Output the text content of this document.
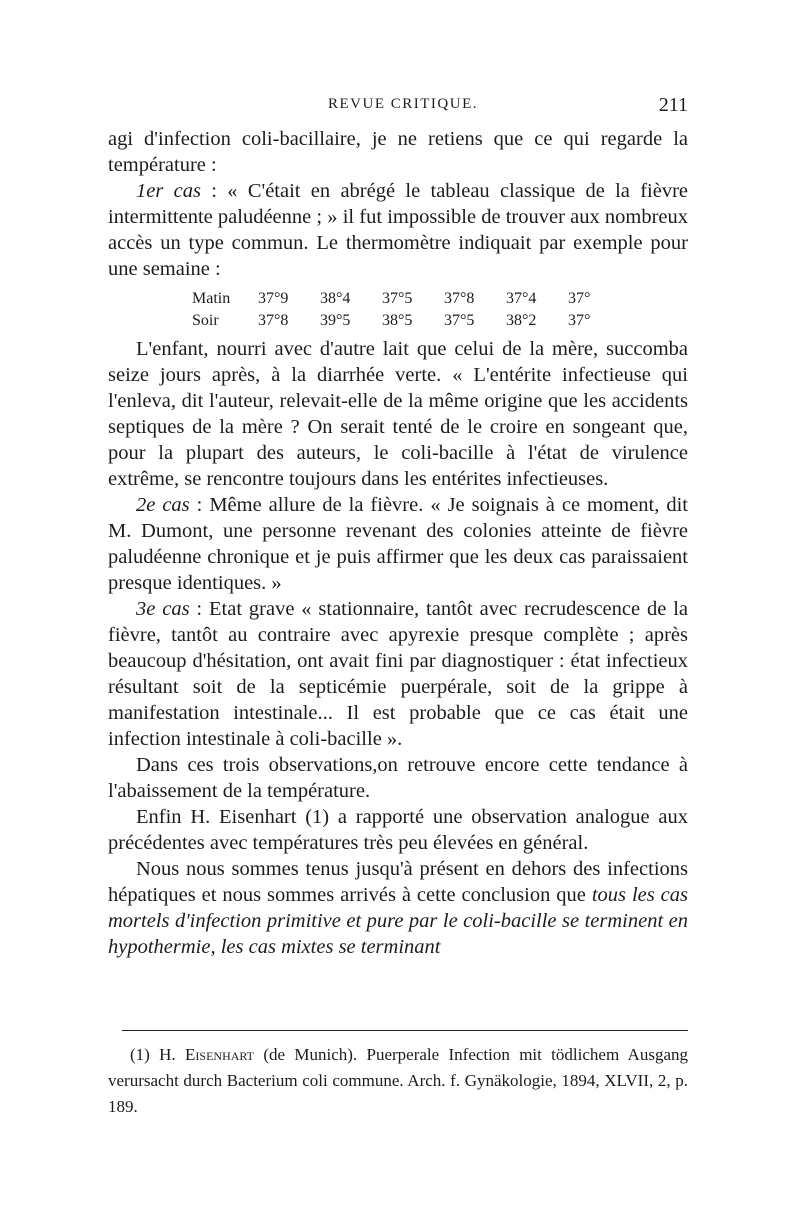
REVUE CRITIQUE.	211

agi d'infection coli-bacillaire, je ne retiens que ce qui regarde la température :

1er cas : « C'était en abrégé le tableau classique de la fièvre intermittente paludéenne ; » il fut impossible de trouver aux nombreux accès un type commun. Le thermomètre indiquait par exemple pour une semaine :

Matin	37°9	38°4	37°5	37°8	37°4	37°
Soir	37°8	39°5	38°5	37°5	38°2	37°

L'enfant, nourri avec d'autre lait que celui de la mère, succomba seize jours après, à la diarrhée verte. « L'entérite infectieuse qui l'enleva, dit l'auteur, relevait-elle de la même origine que les accidents septiques de la mère ? On serait tenté de le croire en songeant que, pour la plupart des auteurs, le coli-bacille à l'état de virulence extrême, se rencontre toujours dans les entérites infectieuses.

2e cas : Même allure de la fièvre. « Je soignais à ce moment, dit M. Dumont, une personne revenant des colonies atteinte de fièvre paludéenne chronique et je puis affirmer que les deux cas paraissaient presque identiques. »

3e cas : Etat grave « stationnaire, tantôt avec recrudescence de la fièvre, tantôt au contraire avec apyrexie presque complète ; après beaucoup d'hésitation, ont avait fini par diagnostiquer : état infectieux résultant soit de la septicémie puerpérale, soit de la grippe à manifestation intestinale... Il est probable que ce cas était une infection intestinale à coli-bacille ».

Dans ces trois observations,on retrouve encore cette tendance à l'abaissement de la température.

Enfin H. Eisenhart (1) a rapporté une observation analogue aux précédentes avec températures très peu élevées en général.

Nous nous sommes tenus jusqu'à présent en dehors des infections hépatiques et nous sommes arrivés à cette conclusion que tous les cas mortels d'infection primitive et pure par le coli-bacille se terminent en hypothermie, les cas mixtes se terminant

(1) H. Eisenhart (de Munich). Puerperale Infection mit tödlichem Ausgang verursacht durch Bacterium coli commune. Arch. f. Gynäkologie, 1894, XLVII, 2, p. 189.
